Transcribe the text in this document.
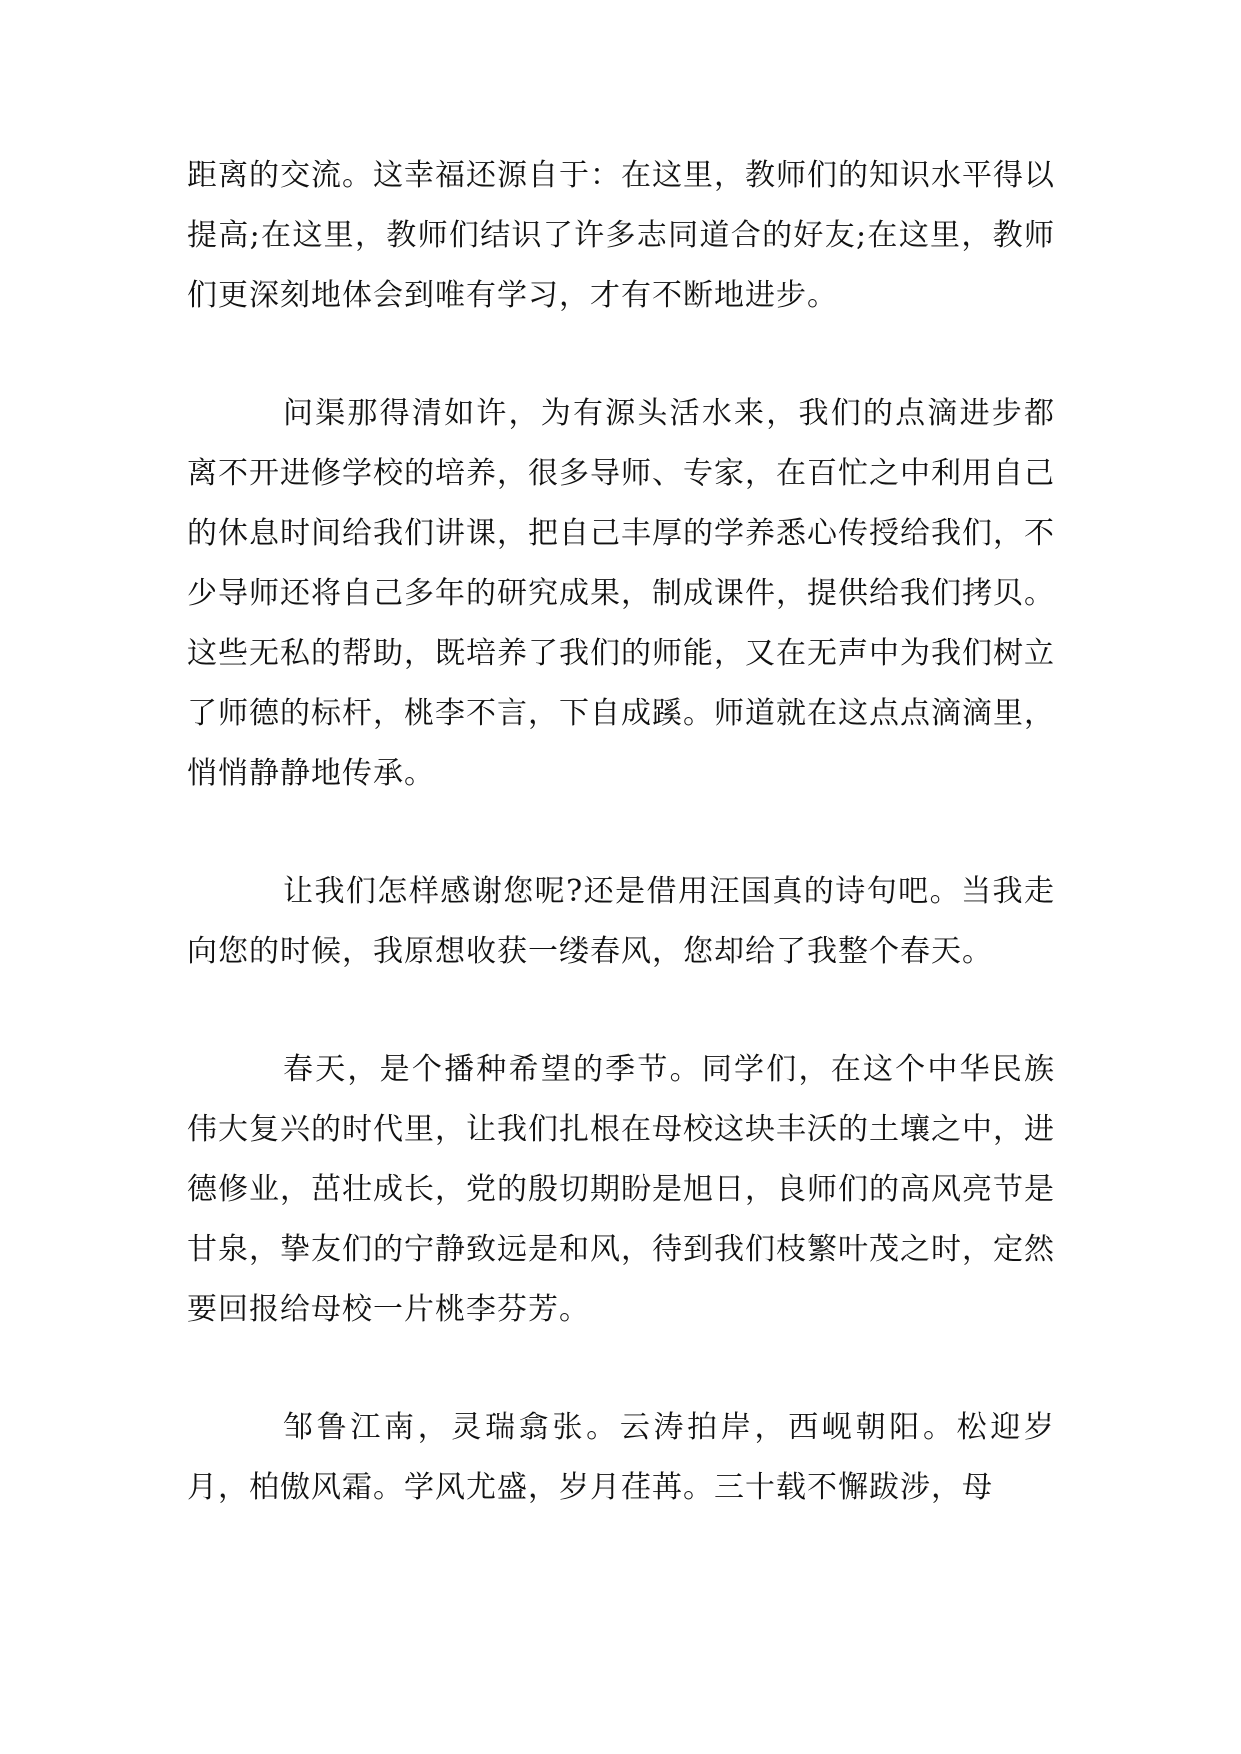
距离的交流。这幸福还源自于：在这里，教师们的知识水平得以提高;在这里，教师们结识了许多志同道合的好友;在这里，教师们更深刻地体会到唯有学习，才有不断地进步。

问渠那得清如许，为有源头活水来，我们的点滴进步都离不开进修学校的培养，很多导师、专家，在百忙之中利用自己的休息时间给我们讲课，把自己丰厚的学养悉心传授给我们，不少导师还将自己多年的研究成果，制成课件，提供给我们拷贝。这些无私的帮助，既培养了我们的师能，又在无声中为我们树立了师德的标杆，桃李不言，下自成蹊。师道就在这点点滴滴里，悄悄静静地传承。

让我们怎样感谢您呢?还是借用汪国真的诗句吧。当我走向您的时候，我原想收获一缕春风，您却给了我整个春天。

春天，是个播种希望的季节。同学们，在这个中华民族伟大复兴的时代里，让我们扎根在母校这块丰沃的土壤之中，进德修业，茁壮成长，党的殷切期盼是旭日，良师们的高风亮节是甘泉，挚友们的宁静致远是和风，待到我们枝繁叶茂之时，定然要回报给母校一片桃李芬芳。

邹鲁江南，灵瑞翕张。云涛拍岸，西岘朝阳。松迎岁月，柏傲风霜。学风尤盛，岁月荏苒。三十载不懈跋涉，母
